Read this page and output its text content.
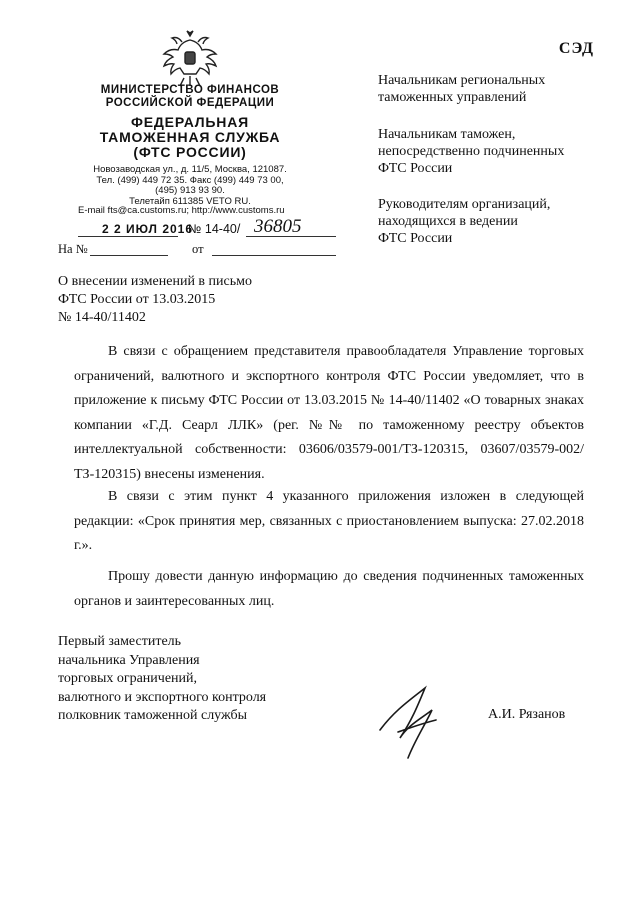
СЭД
МИНИСТЕРСТВО ФИНАНСОВ
РОССИЙСКОЙ ФЕДЕРАЦИИ
ФЕДЕРАЛЬНАЯ
ТАМОЖЕННАЯ СЛУЖБА
(ФТС РОССИИ)
Новозаводская ул., д. 11/5, Москва, 121087.
Тел. (499) 449 72 35. Факс (499) 449 73 00,
(495) 913 93 90.
Телетайп 611385 VETO RU.
E-mail fts@ca.customs.ru; http://www.customs.ru
2 2 ИЮЛ 2016
№ 14-40/ 36805
На №	от
Начальникам региональных
таможенных управлений
Начальникам таможен,
непосредственно подчиненных
ФТС России
Руководителям организаций,
находящихся в ведении
ФТС России
О внесении изменений в письмо
ФТС России от 13.03.2015
№ 14-40/11402

В связи с обращением представителя правообладателя Управление торговых ограничений, валютного и экспортного контроля ФТС России уведомляет, что в приложение к письму ФТС России от 13.03.2015 № 14-40/11402 «О товарных знаках компании «Г.Д. Сеарл ЛЛК» (рег. №№ по таможенному реестру объектов интеллектуальной собственности: 03606/03579-001/ТЗ-120315, 03607/03579-002/ТЗ-120315) внесены изменения.

В связи с этим пункт 4 указанного приложения изложен в следующей редакции: «Срок принятия мер, связанных с приостановлением выпуска: 27.02.2018 г.».

Прошу довести данную информацию до сведения подчиненных таможенных органов и заинтересованных лиц.

Первый заместитель
начальника Управления
торговых ограничений,
валютного и экспортного контроля
полковник таможенной службы	А.И. Рязанов
